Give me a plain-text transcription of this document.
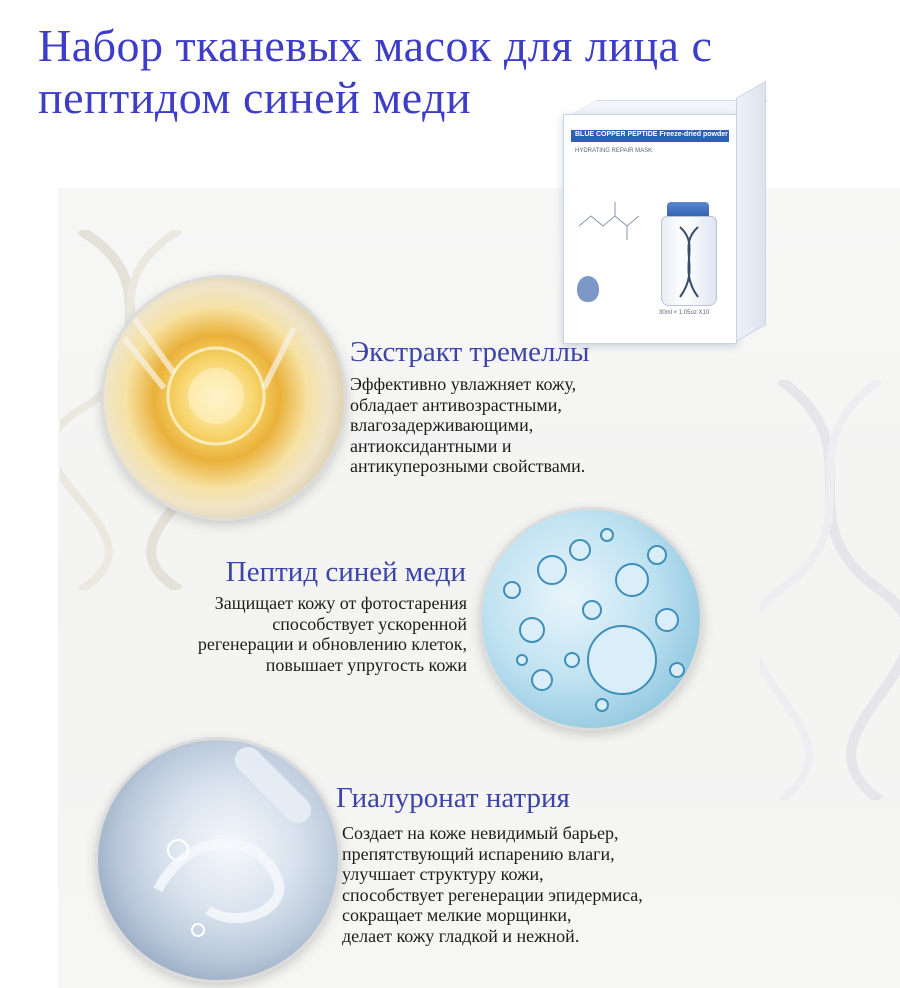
Набор тканевых масок для лица с
пептидом синей меди
BLUE COPPER PEPTIDE Freeze-dried powder
HYDRATING REPAIR MASK
30ml × 1.05oz X10
Экстракт тремеллы
Эффективно увлажняет кожу,
обладает антивозрастными,
влагозадерживающими,
антиоксидантными и
антикуперозными свойствами.
Пептид синей меди
Защищает кожу от фотостарения
способствует ускоренной
регенерации и обновлению клеток,
повышает упругость кожи
Гиалуронат натрия
Создает на коже невидимый барьер,
препятствующий испарению влаги,
улучшает структуру кожи,
способствует регенерации эпидермиса,
сокращает мелкие морщинки,
делает кожу гладкой и нежной.
